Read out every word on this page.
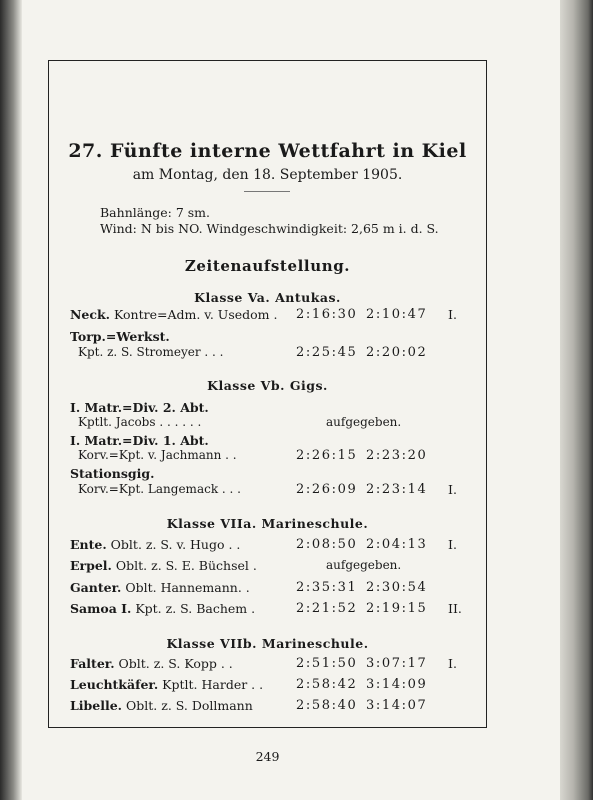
27. Fünfte interne Wettfahrt in Kiel
am Montag, den 18. September 1905.
Bahnlänge: 7 sm.
Wind: N bis NO. Windgeschwindigkeit: 2,65 m i. d. S.
Zeitenaufstellung.
Klasse Va. Antukas.
Neck. Kontre=Adm. v. Usedom . 2:16:30 2:10:47 I.
Torp.=Werkst.
Kpt. z. S. Stromeyer . . .	2:25:45 2:20:02
Klasse Vb. Gigs.
I. Matr.=Div. 2. Abt.
Kptlt. Jacobs . . . . . .	aufgegeben.
I. Matr.=Div. 1. Abt.
Korv.=Kpt. v. Jachmann . .	2:26:15 2:23:20
Stationsgig.
Korv.=Kpt. Langemack . . .	2:26:09 2:23:14 I.
Klasse VIIa. Marineschule.
Ente. Oblt. z. S. v. Hugo . .	2:08:50 2:04:13 I.
Erpel. Oblt. z. S. E. Büchsel .	aufgegeben.
Ganter. Oblt. Hannemann. .	2:35:31 2:30:54
Samoa I. Kpt. z. S. Bachem .	2:21:52 2:19:15 II.
Klasse VIIb. Marineschule.
Falter. Oblt. z. S. Kopp . .	2:51:50 3:07:17 I.
Leuchtkäfer. Kptlt. Harder . .	2:58:42 3:14:09
Libelle. Oblt. z. S. Dollmann	2:58:40 3:14:07
249
